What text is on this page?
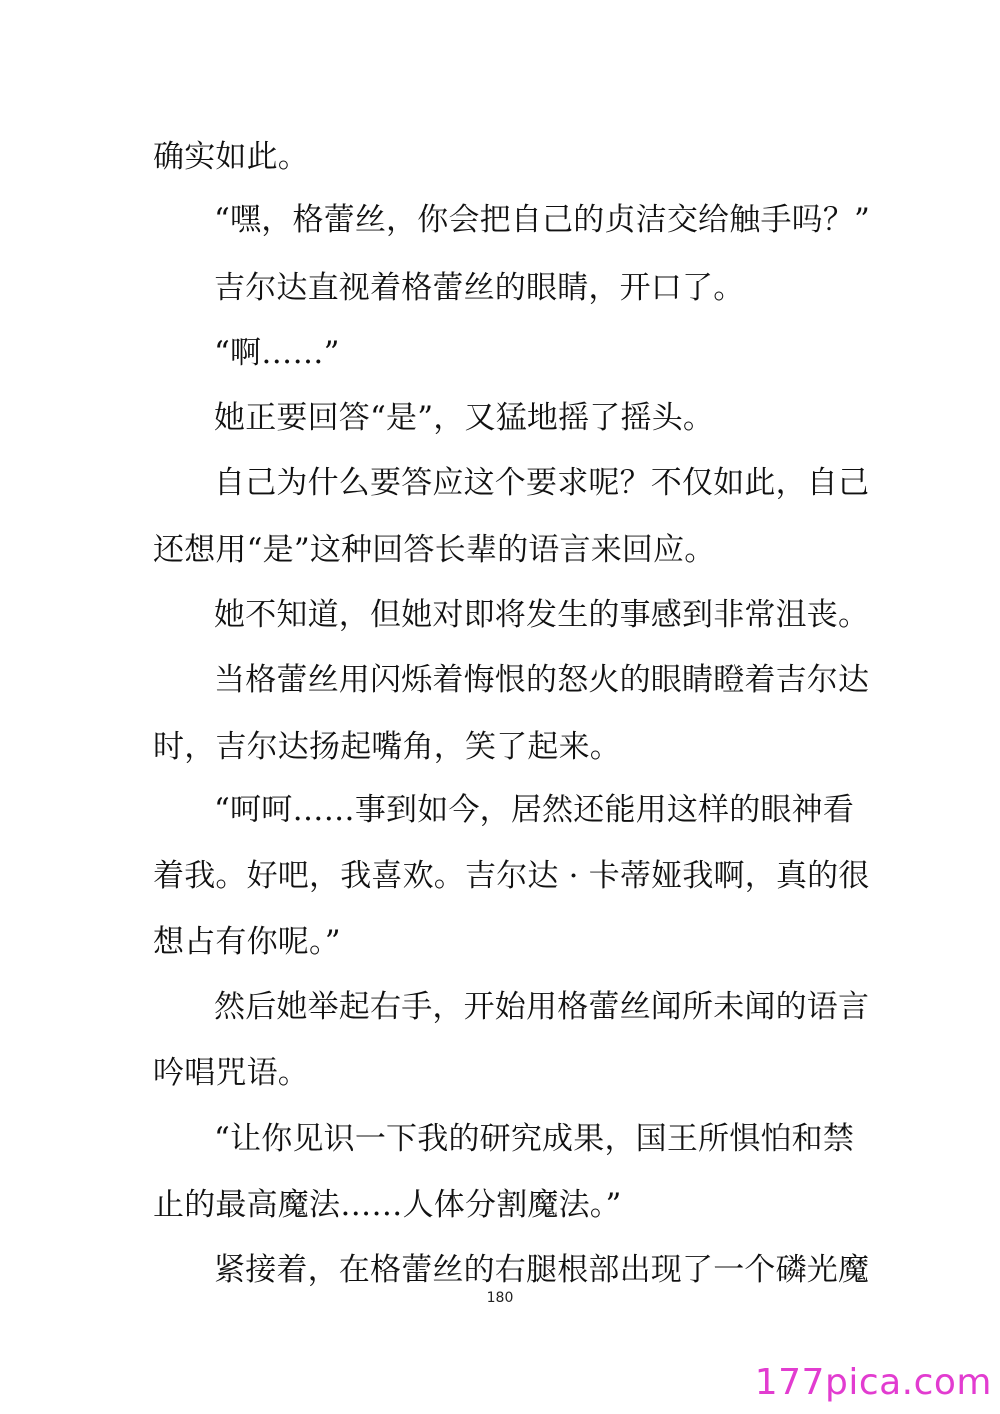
确实如此。
“嘿，格蕾丝，你会把自己的贞洁交给触手吗？”
吉尔达直视着格蕾丝的眼睛，开口了。
“啊……”
她正要回答“是”，又猛地摇了摇头。
自己为什么要答应这个要求呢？不仅如此，自己
还想用“是”这种回答长辈的语言来回应。
她不知道，但她对即将发生的事感到非常沮丧。
当格蕾丝用闪烁着悔恨的怒火的眼睛瞪着吉尔达
时，吉尔达扬起嘴角，笑了起来。
“呵呵……事到如今，居然还能用这样的眼神看
着我。好吧，我喜欢。吉尔达 · 卡蒂娅我啊，真的很
想占有你呢。”
然后她举起右手，开始用格蕾丝闻所未闻的语言
吟唱咒语。
“让你见识一下我的研究成果，国王所惧怕和禁
止的最高魔法……人体分割魔法。”
紧接着，在格蕾丝的右腿根部出现了一个磷光魔
180
177pica.com
